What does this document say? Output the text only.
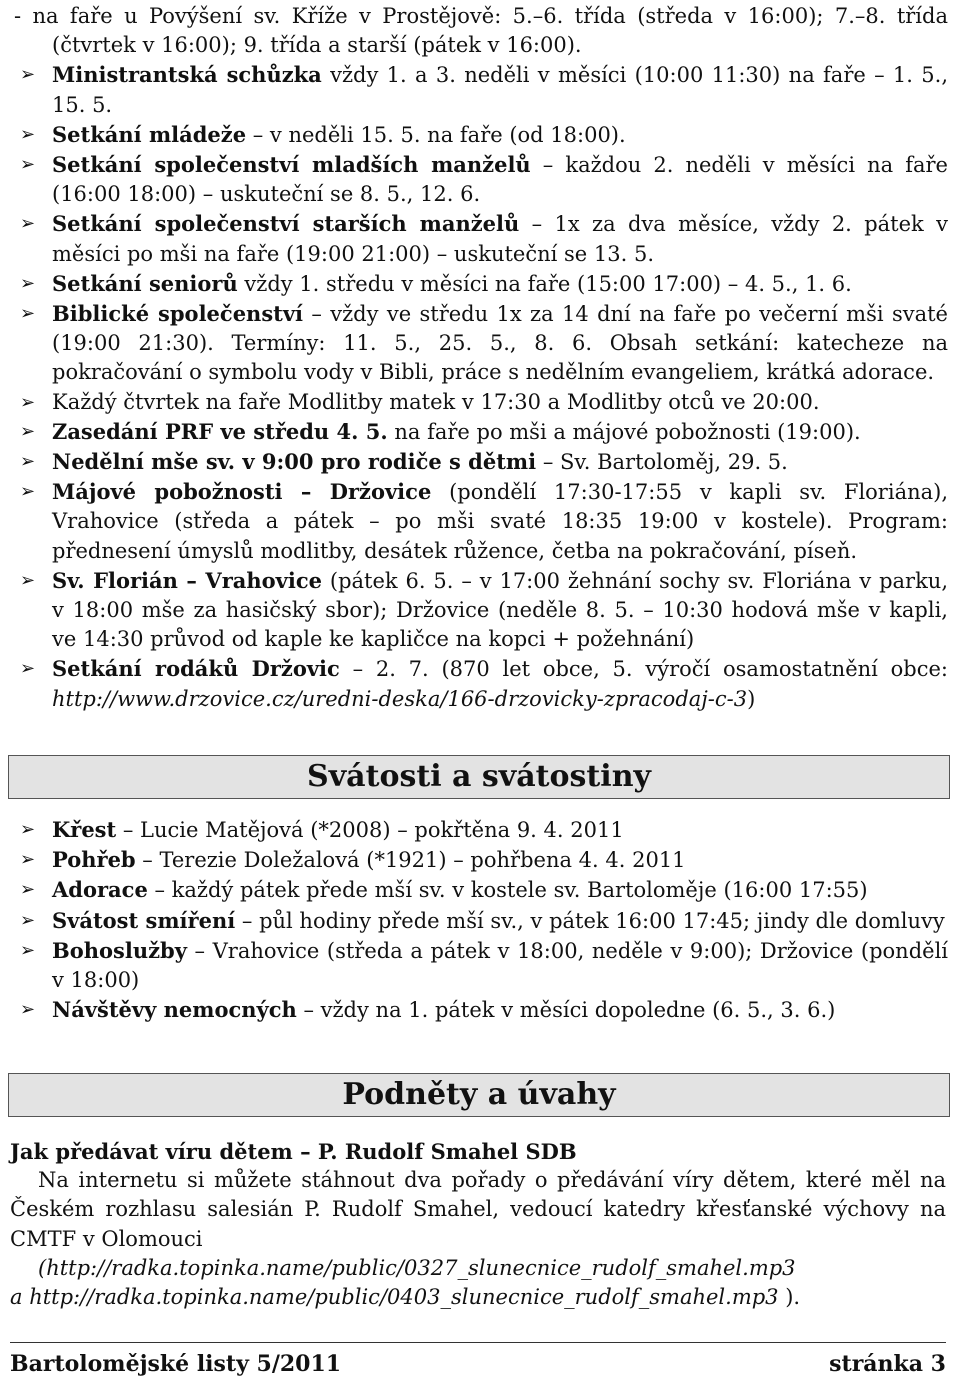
- na faře u Povýšení sv. Kříže v Prostějově: 5.–6. třída (středa v 16:00); 7.–8. třída (čtvrtek v 16:00); 9. třída a starší (pátek v 16:00).
➢ Ministrantská schůzka vždy 1. a 3. neděli v měsíci (10:00 11:30) na faře – 1. 5., 15. 5.
➢ Setkání mládeže – v neděli 15. 5. na faře (od 18:00).
➢ Setkání společenství mladších manželů – každou 2. neděli v měsíci na faře (16:00 18:00) – uskuteční se 8. 5., 12. 6.
➢ Setkání společenství starších manželů – 1x za dva měsíce, vždy 2. pátek v měsíci po mši na faře (19:00 21:00) – uskuteční se 13. 5.
➢ Setkání seniorů vždy 1. středu v měsíci na faře (15:00 17:00) – 4. 5., 1. 6.
➢ Biblické společenství – vždy ve středu 1x za 14 dní na faře po večerní mši svaté (19:00 21:30). Termíny: 11. 5., 25. 5., 8. 6. Obsah setkání: katecheze na pokračování o symbolu vody v Bibli, práce s nedělním evangeliem, krátká adorace.
➢ Každý čtvrtek na faře Modlitby matek v 17:30 a Modlitby otců ve 20:00.
➢ Zasedání PRF ve středu 4. 5. na faře po mši a májové pobožnosti (19:00).
➢ Nedělní mše sv. v 9:00 pro rodiče s dětmi – Sv. Bartoloměj, 29. 5.
➢ Májové pobožnosti – Držovice (pondělí 17:30-17:55 v kapli sv. Floriána), Vrahovice (středa a pátek – po mši svaté 18:35 19:00 v kostele). Program: přednesení úmyslů modlitby, desátek růžence, četba na pokračování, píseň.
➢ Sv. Florián – Vrahovice (pátek 6. 5. – v 17:00 žehnání sochy sv. Floriána v parku, v 18:00 mše za hasičský sbor); Držovice (neděle 8. 5. – 10:30 hodová mše v kapli, ve 14:30 průvod od kaple ke kapličce na kopci + požehnání)
➢ Setkání rodáků Držovic – 2. 7. (870 let obce, 5. výročí osamostatnění obce: http://www.drzovice.cz/uredni-deska/166-drzovicky-zpracodaj-c-3)
Svátosti a svátostiny
➢ Křest – Lucie Matějová (*2008) – pokřtěna 9. 4. 2011
➢ Pohřeb – Terezie Doležalová (*1921) – pohřbena 4. 4. 2011
➢ Adorace – každý pátek přede mší sv. v kostele sv. Bartoloměje (16:00 17:55)
➢ Svátost smíření – půl hodiny přede mší sv., v pátek 16:00 17:45; jindy dle domluvy
➢ Bohoslužby – Vrahovice (středa a pátek v 18:00, neděle v 9:00); Držovice (pondělí v 18:00)
➢ Návštěvy nemocných – vždy na 1. pátek v měsíci dopoledne (6. 5., 3. 6.)
Podněty a úvahy
Jak předávat víru dětem – P. Rudolf Smahel SDB
Na internetu si můžete stáhnout dva pořady o předávání víry dětem, které měl na Českém rozhlasu salesián P. Rudolf Smahel, vedoucí katedry křesťanské výchovy na CMTF v Olomouci
(http://radka.topinka.name/public/0327_slunecnice_rudolf_smahel.mp3
a http://radka.topinka.name/public/0403_slunecnice_rudolf_smahel.mp3 ).
Bartolomějské listy 5/2011	stránka 3
